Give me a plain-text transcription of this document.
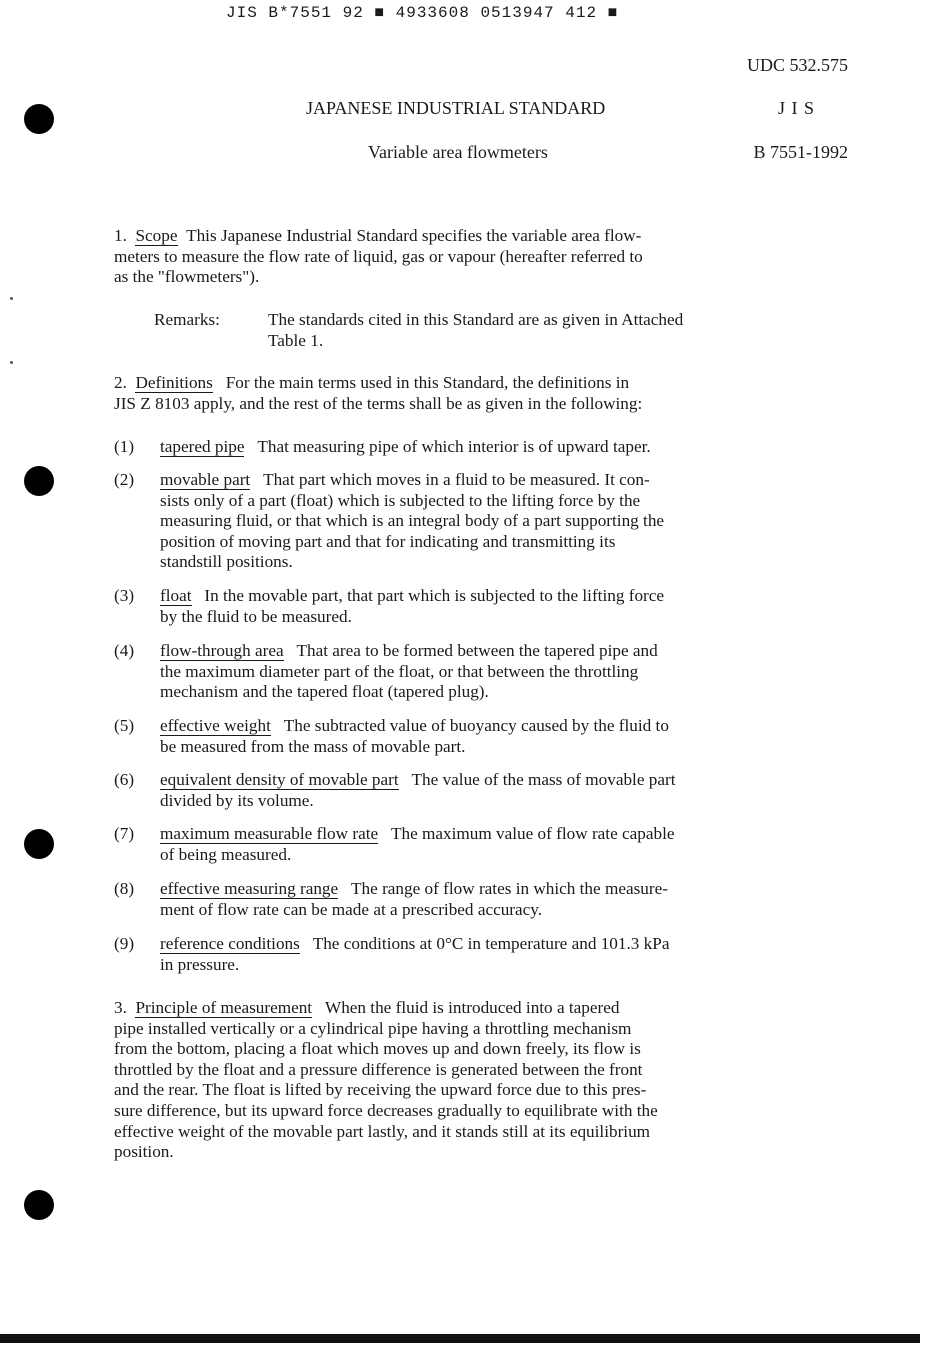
JIS B*7551 92 ■ 4933608 0513947 412 ■
UDC 532.575
JAPANESE INDUSTRIAL STANDARD	J I S
Variable area flowmeters	B 7551-1992
1. Scope This Japanese Industrial Standard specifies the variable area flow-
meters to measure the flow rate of liquid, gas or vapour (hereafter referred to
as the "flowmeters").
Remarks:	The standards cited in this Standard are as given in Attached
Table 1.
2. Definitions For the main terms used in this Standard, the definitions in
JIS Z 8103 apply, and the rest of the terms shall be as given in the following:
(1) tapered pipe That measuring pipe of which interior is of upward taper.
(2) movable part That part which moves in a fluid to be measured. It con-
sists only of a part (float) which is subjected to the lifting force by the
measuring fluid, or that which is an integral body of a part supporting the
position of moving part and that for indicating and transmitting its
standstill positions.
(3) float In the movable part, that part which is subjected to the lifting force
by the fluid to be measured.
(4) flow-through area That area to be formed between the tapered pipe and
the maximum diameter part of the float, or that between the throttling
mechanism and the tapered float (tapered plug).
(5) effective weight The subtracted value of buoyancy caused by the fluid to
be measured from the mass of movable part.
(6) equivalent density of movable part The value of the mass of movable part
divided by its volume.
(7) maximum measurable flow rate The maximum value of flow rate capable
of being measured.
(8) effective measuring range The range of flow rates in which the measure-
ment of flow rate can be made at a prescribed accuracy.
(9) reference conditions The conditions at 0°C in temperature and 101.3 kPa
in pressure.
3. Principle of measurement When the fluid is introduced into a tapered
pipe installed vertically or a cylindrical pipe having a throttling mechanism
from the bottom, placing a float which moves up and down freely, its flow is
throttled by the float and a pressure difference is generated between the front
and the rear. The float is lifted by receiving the upward force due to this pres-
sure difference, but its upward force decreases gradually to equilibrate with the
effective weight of the movable part lastly, and it stands still at its equilibrium
position.
